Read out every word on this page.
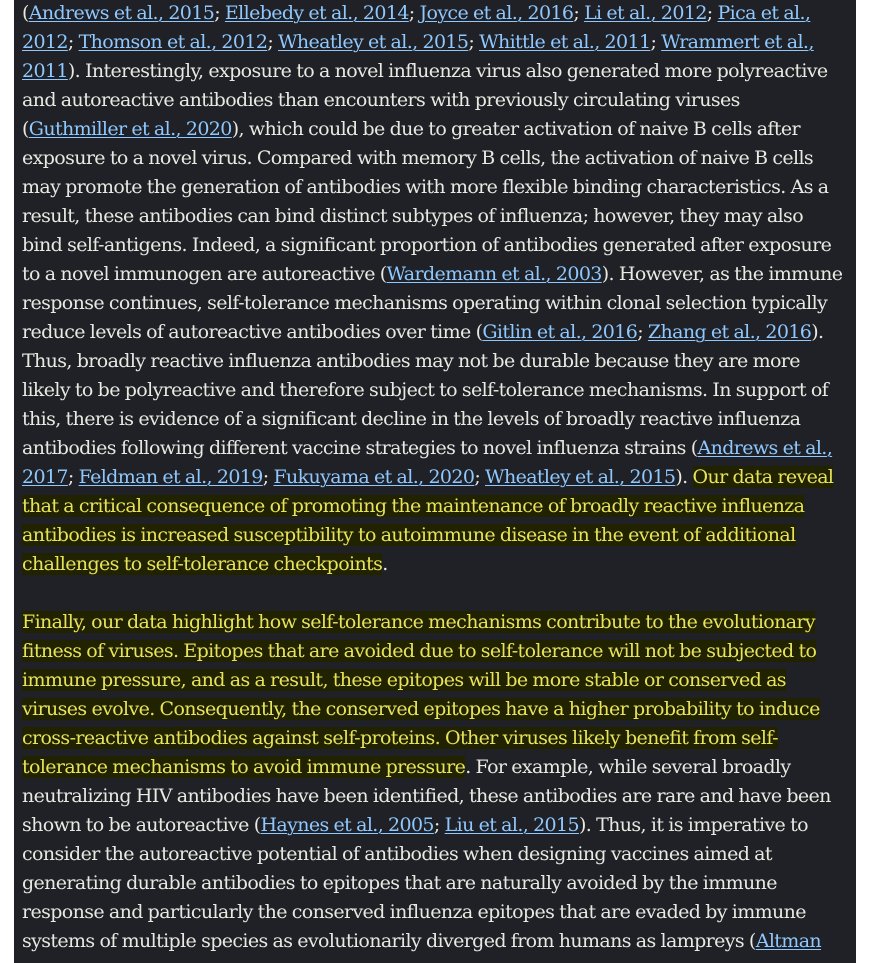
(Andrews et al., 2015; Ellebedy et al., 2014; Joyce et al., 2016; Li et al., 2012; Pica et al.,
2012; Thomson et al., 2012; Wheatley et al., 2015; Whittle et al., 2011; Wrammert et al.,
2011). Interestingly, exposure to a novel influenza virus also generated more polyreactive
and autoreactive antibodies than encounters with previously circulating viruses
(Guthmiller et al., 2020), which could be due to greater activation of naive B cells after
exposure to a novel virus. Compared with memory B cells, the activation of naive B cells
may promote the generation of antibodies with more flexible binding characteristics. As a
result, these antibodies can bind distinct subtypes of influenza; however, they may also
bind self-antigens. Indeed, a significant proportion of antibodies generated after exposure
to a novel immunogen are autoreactive (Wardemann et al., 2003). However, as the immune
response continues, self-tolerance mechanisms operating within clonal selection typically
reduce levels of autoreactive antibodies over time (Gitlin et al., 2016; Zhang et al., 2016).
Thus, broadly reactive influenza antibodies may not be durable because they are more
likely to be polyreactive and therefore subject to self-tolerance mechanisms. In support of
this, there is evidence of a significant decline in the levels of broadly reactive influenza
antibodies following different vaccine strategies to novel influenza strains (Andrews et al.,
2017; Feldman et al., 2019; Fukuyama et al., 2020; Wheatley et al., 2015). Our data reveal
that a critical consequence of promoting the maintenance of broadly reactive influenza
antibodies is increased susceptibility to autoimmune disease in the event of additional
challenges to self-tolerance checkpoints.
Finally, our data highlight how self-tolerance mechanisms contribute to the evolutionary
fitness of viruses. Epitopes that are avoided due to self-tolerance will not be subjected to
immune pressure, and as a result, these epitopes will be more stable or conserved as
viruses evolve. Consequently, the conserved epitopes have a higher probability to induce
cross-reactive antibodies against self-proteins. Other viruses likely benefit from self-
tolerance mechanisms to avoid immune pressure. For example, while several broadly
neutralizing HIV antibodies have been identified, these antibodies are rare and have been
shown to be autoreactive (Haynes et al., 2005; Liu et al., 2015). Thus, it is imperative to
consider the autoreactive potential of antibodies when designing vaccines aimed at
generating durable antibodies to epitopes that are naturally avoided by the immune
response and particularly the conserved influenza epitopes that are evaded by immune
systems of multiple species as evolutionarily diverged from humans as lampreys (Altman
